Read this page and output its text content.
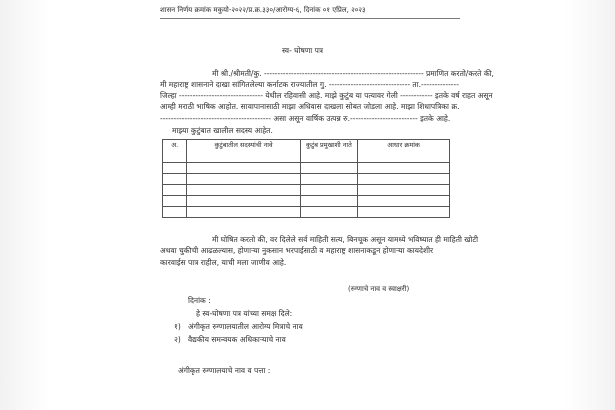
शासन निर्णय क्रमांक मकुयो-२०२२/प्र.क्र.३३०/आरोग्य-६, दिनांक ०१ एप्रिल, २०२३
स्व- घोषणा पत्र
मी श्री./श्रीमती/कु. ----------------------------------------------------------- प्रमाणित करतो/करते की,
मी महाराष्ट्र शासनाने दाखा सांगितलेल्या कर्नाटक राज्यातील गु. ------------------------------ ता.--------------
जिल्हा ------------------------------- येथील रहिवासी आहे. माझे कुटुंब या पत्यावर गेली ------------ इतके वर्ष राहत असून
आम्ही मराठी भाषिक आहोत. सावापानासाठी माझा अधिवास दाखला सोबत जोडला आहे. माझा शिधापत्रिका क्र.
----------------------------------------- असा असून वार्षिक उत्पन्न रु.------------------------- इतके आहे.
माझ्या कुटुंबात खालील सदस्य आहेत.
अ.	कुटुंबातील सदस्यांची नावे	कुटुंब प्रमुखाशी नाते	आधार क्रमांक

मी घोषित करतो की, वर दिलेले सर्व माहिती सत्य, बिनचूक असून यामध्ये भविष्यात ही माहिती खोटी
अथवा चुकीची आढळल्यास, होणाऱ्या नुकसान भरपाईसाठी व महाराष्ट्र शासनाकडून होणाऱ्या कायदेशीर
कारवाईस पात्र राहील, याची मला जाणीव आहे.
(रुग्णाचे नाव व स्वाक्षरी)
दिनांक :
हे स्व-घोषणा पत्र यांच्या समक्ष दिले:
१) अंगीकृत रुग्णालयातील आरोग्य मित्राचे नाव
२) वैद्यकीय समन्वयक अधिकाऱ्याचे नाव
अंगीकृत रुग्णालयाचे नाव व पत्ता :
